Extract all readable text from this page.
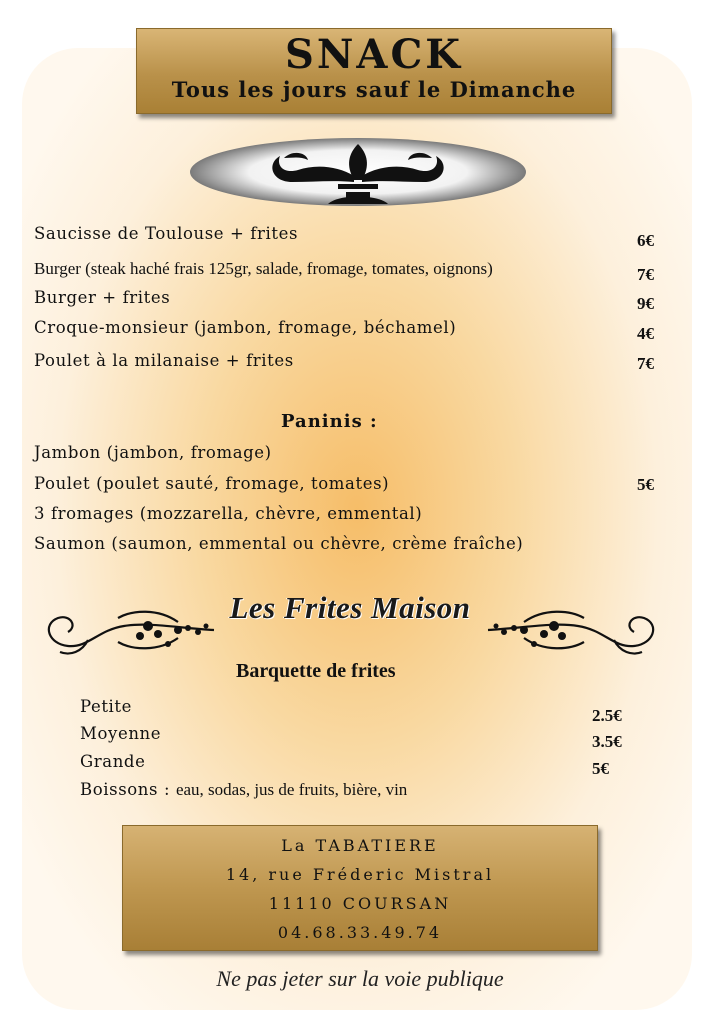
SNACK
Tous les jours sauf le Dimanche
Saucisse de Toulouse + frites	6€
Burger (steak haché frais 125gr, salade, fromage, tomates, oignons)	7€
Burger + frites	9€
Croque-monsieur (jambon, fromage, béchamel)	4€
Poulet à la milanaise + frites	7€
Paninis :
Jambon (jambon, fromage)
Poulet (poulet sauté, fromage, tomates)	5€
3 fromages (mozzarella, chèvre, emmental)
Saumon (saumon, emmental ou chèvre, crème fraîche)
Les Frites Maison
Barquette de frites
Petite	2.5€
Moyenne	3.5€
Grande	5€
Boissons : eau, sodas, jus de fruits, bière, vin
La TABATIERE
14, rue Fréderic Mistral
11110 COURSAN
04.68.33.49.74
Ne pas jeter sur la voie publique
